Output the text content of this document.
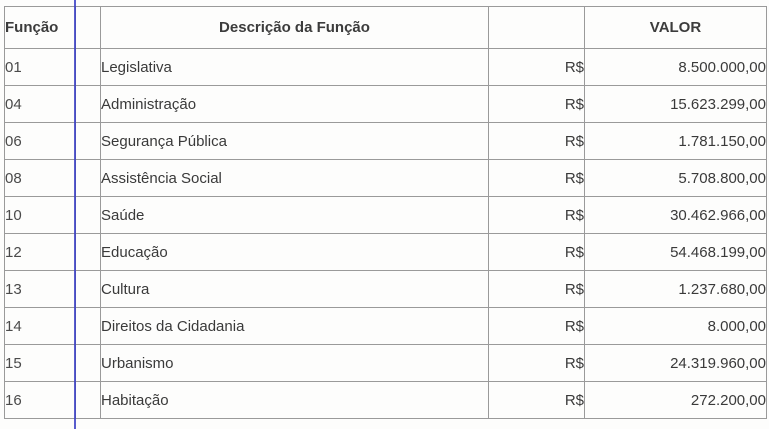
Função		Descrição da Função		VALOR
01		Legislativa	R$	8.500.000,00
04		Administração	R$	15.623.299,00
06		Segurança Pública	R$	1.781.150,00
08		Assistência Social	R$	5.708.800,00
10		Saúde	R$	30.462.966,00
12		Educação	R$	54.468.199,00
13		Cultura	R$	1.237.680,00
14		Direitos da Cidadania	R$	8.000,00
15		Urbanismo	R$	24.319.960,00
16		Habitação	R$	272.200,00
